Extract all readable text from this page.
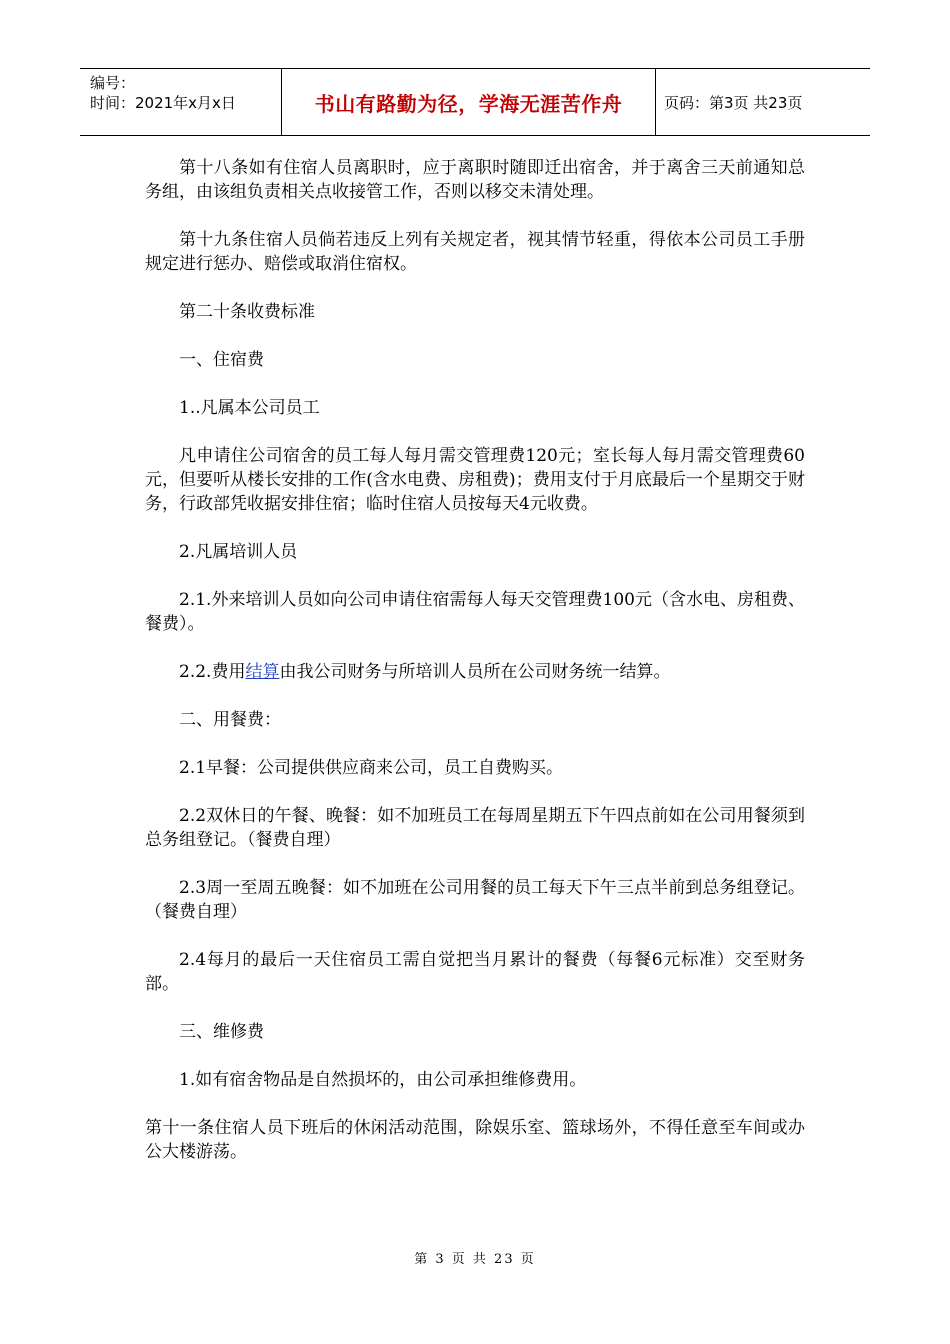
编号：
时间：2021年x月x日	书山有路勤为径，学海无涯苦作舟	页码：第3页 共23页

第十八条如有住宿人员离职时，应于离职时随即迁出宿舍，并于离舍三天前通知总务组，由该组负责相关点收接管工作，否则以移交未清处理。

第十九条住宿人员倘若违反上列有关规定者，视其情节轻重，得依本公司员工手册规定进行惩办、赔偿或取消住宿权。

第二十条收费标准

一、住宿费

1..凡属本公司员工

凡申请住公司宿舍的员工每人每月需交管理费120元；室长每人每月需交管理费60元，但要听从楼长安排的工作(含水电费、房租费)；费用支付于月底最后一个星期交于财务，行政部凭收据安排住宿；临时住宿人员按每天4元收费。

2.凡属培训人员

2.1.外来培训人员如向公司申请住宿需每人每天交管理费100元（含水电、房租费、餐费）。

2.2.费用结算由我公司财务与所培训人员所在公司财务统一结算。

二、用餐费：

2.1早餐：公司提供供应商来公司，员工自费购买。

2.2双休日的午餐、晚餐：如不加班员工在每周星期五下午四点前如在公司用餐须到总务组登记。（餐费自理）

2.3周一至周五晚餐：如不加班在公司用餐的员工每天下午三点半前到总务组登记。（餐费自理）

2.4每月的最后一天住宿员工需自觉把当月累计的餐费（每餐6元标准）交至财务部。

三、维修费

1.如有宿舍物品是自然损坏的，由公司承担维修费用。

第十一条住宿人员下班后的休闲活动范围，除娱乐室、篮球场外，不得任意至车间或办公大楼游荡。

第 3 页 共 23 页
